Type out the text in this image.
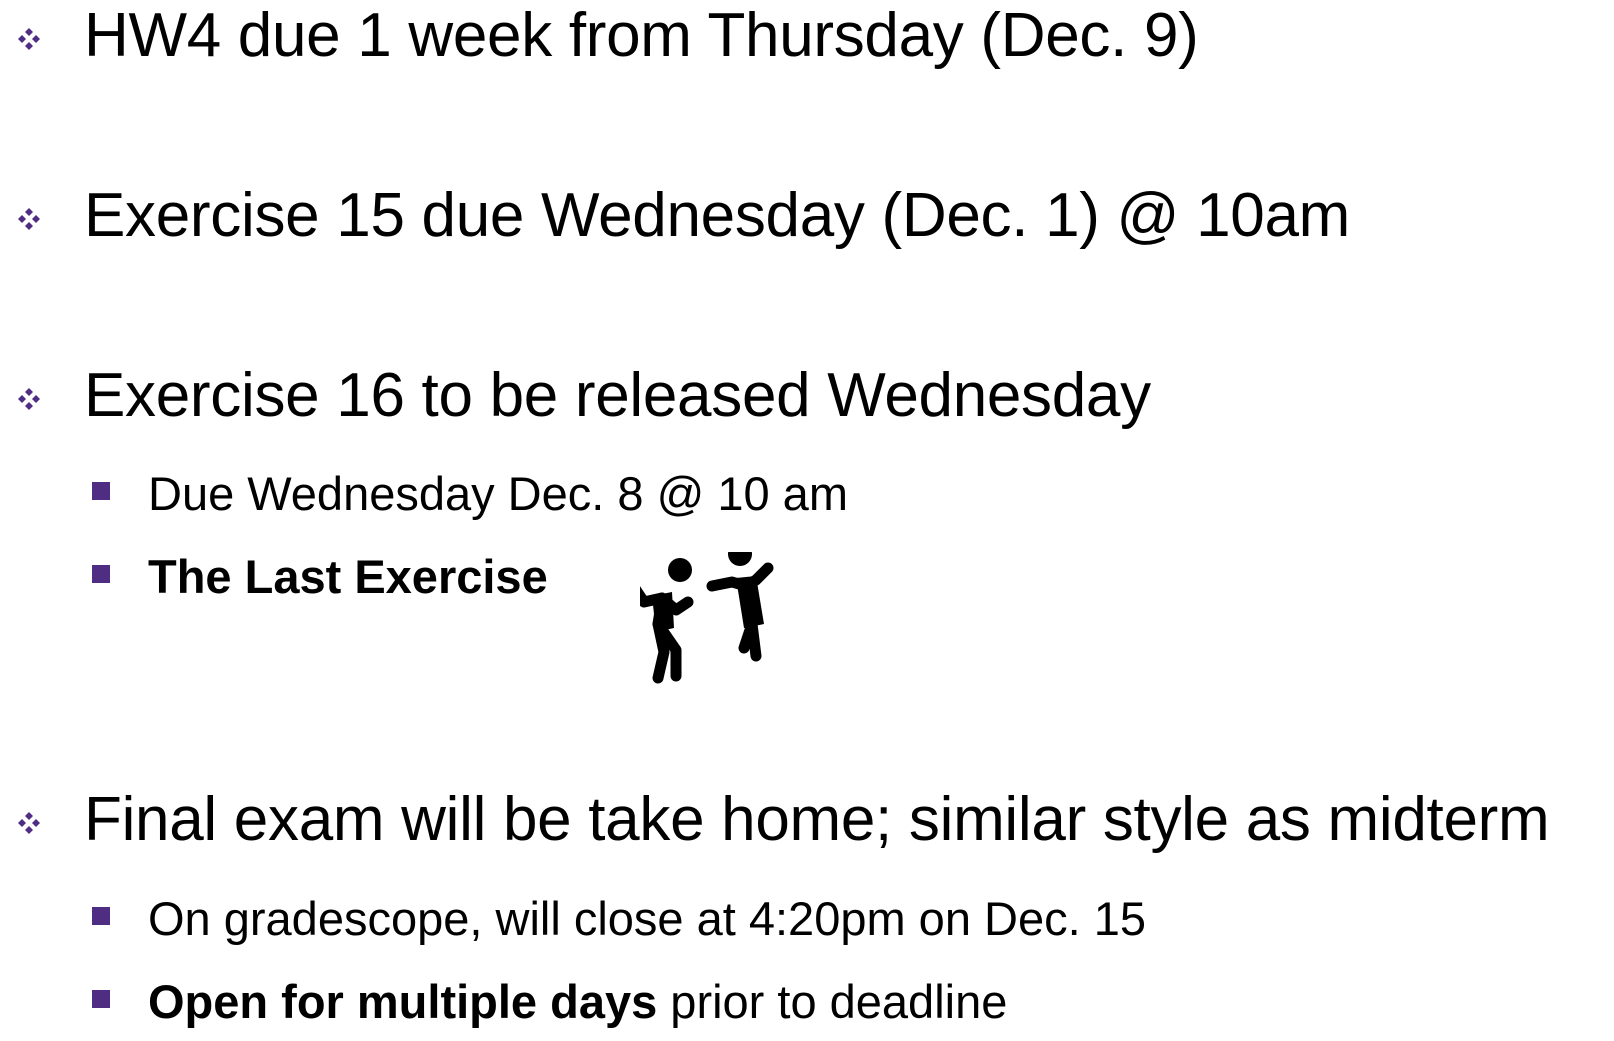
HW4 due 1 week from Thursday (Dec. 9)
Exercise 15 due Wednesday (Dec. 1) @ 10am
Exercise 16 to be released Wednesday
Due Wednesday Dec. 8 @ 10 am
The Last Exercise
Final exam will be take home; similar style as midterm
On gradescope, will close at 4:20pm on Dec. 15
Open for multiple days prior to deadline
